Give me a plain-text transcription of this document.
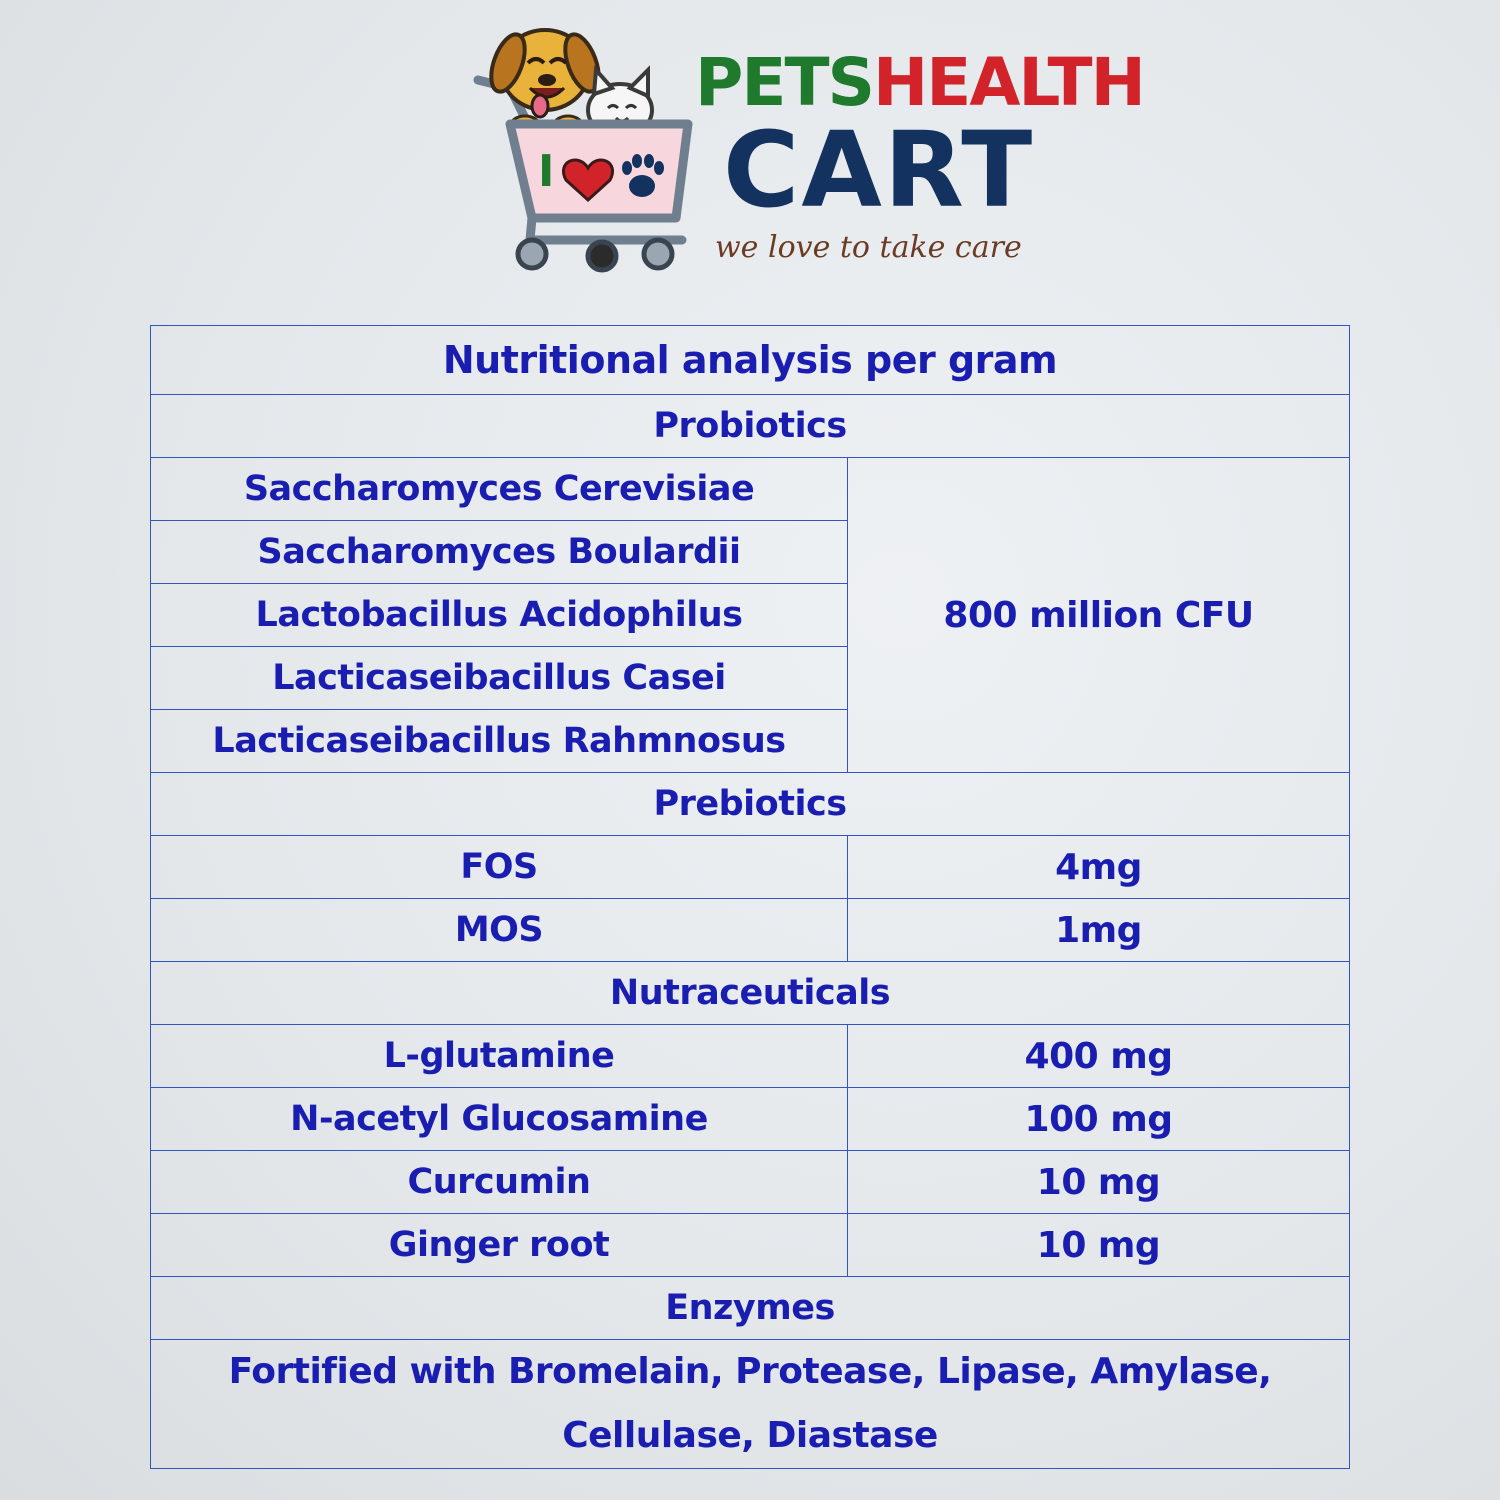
I
PETSHEALTH
CART
we love to take care
Nutritional analysis per gram	
Probiotics	
Saccharomyces Cerevisiae	800 million CFU
Saccharomyces Boulardii	
Lactobacillus Acidophilus	
Lacticaseibacillus Casei	
Lacticaseibacillus Rahmnosus	
Prebiotics	
FOS	4mg
MOS	1mg
Nutraceuticals	
L-glutamine	400 mg
N-acetyl Glucosamine	100 mg
Curcumin	10 mg
Ginger root	10 mg
Enzymes	

Fortified with Bromelain, Protease, Lipase, Amylase,
Cellulase, Diastase	
